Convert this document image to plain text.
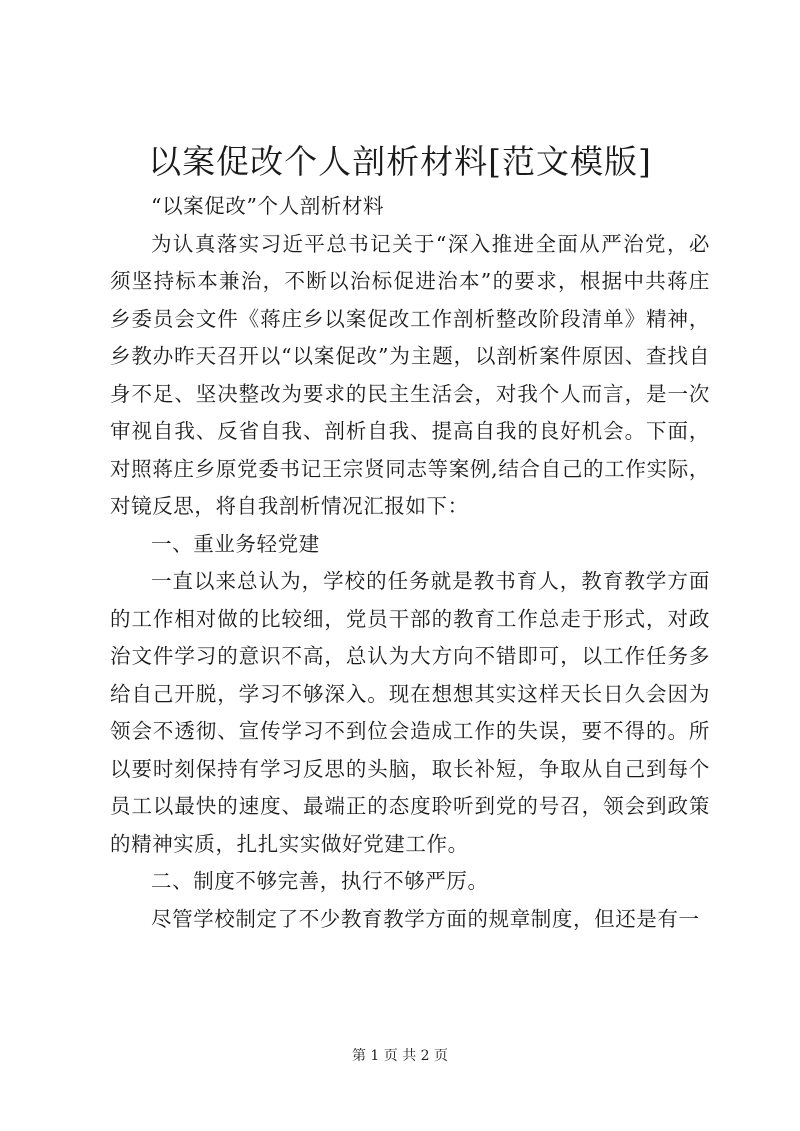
以案促改个人剖析材料[范文模版]

“以案促改”个人剖析材料

为认真落实习近平总书记关于“深入推进全面从严治党，必须坚持标本兼治，不断以治标促进治本”的要求，根据中共蒋庄乡委员会文件《蒋庄乡以案促改工作剖析整改阶段清单》精神，乡教办昨天召开以“以案促改”为主题，以剖析案件原因、查找自身不足、坚决整改为要求的民主生活会，对我个人而言，是一次审视自我、反省自我、剖析自我、提高自我的良好机会。下面，对照蒋庄乡原党委书记王宗贤同志等案例,结合自己的工作实际，对镜反思，将自我剖析情况汇报如下：

一、重业务轻党建

一直以来总认为，学校的任务就是教书育人，教育教学方面的工作相对做的比较细，党员干部的教育工作总走于形式，对政治文件学习的意识不高，总认为大方向不错即可，以工作任务多给自己开脱，学习不够深入。现在想想其实这样天长日久会因为领会不透彻、宣传学习不到位会造成工作的失误，要不得的。所以要时刻保持有学习反思的头脑，取长补短，争取从自己到每个员工以最快的速度、最端正的态度聆听到党的号召，领会到政策的精神实质，扎扎实实做好党建工作。

二、制度不够完善，执行不够严厉。

尽管学校制定了不少教育教学方面的规章制度，但还是有一

第 1 页 共 2 页
